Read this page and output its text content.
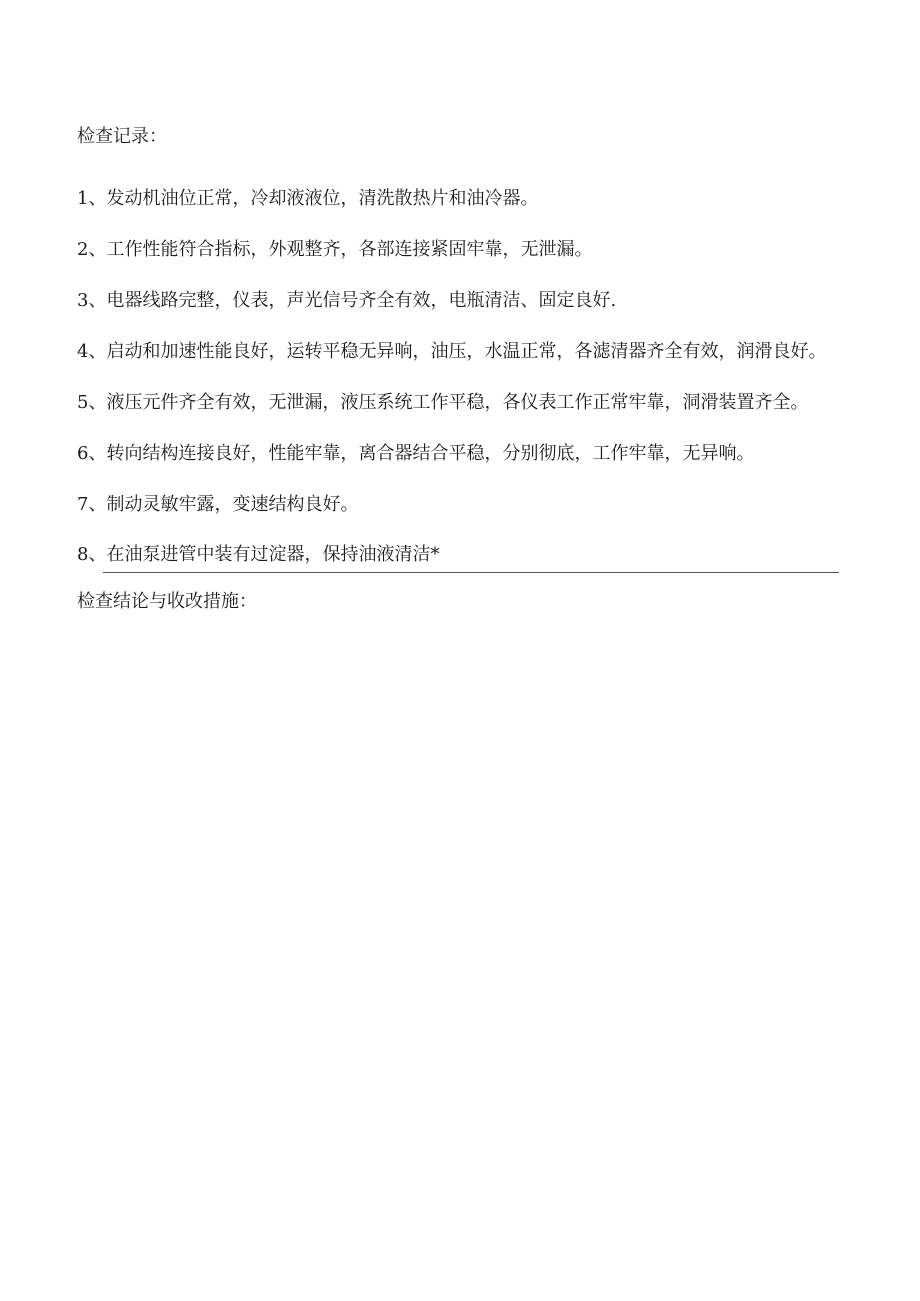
检查记录：

1、发动机油位正常，冷却液液位，清洗散热片和油冷器。
2、工作性能符合指标，外观整齐，各部连接紧固牢靠，无泄漏。
3、电器线路完整，仪表，声光信号齐全有效，电瓶清洁、固定良好.
4、启动和加速性能良好，运转平稳无异响，油压，水温正常，各滤清器齐全有效，润滑良好。
5、液压元件齐全有效，无泄漏，液压系统工作平稳，各仪表工作正常牢靠，洞滑装置齐全。
6、转向结构连接良好，性能牢靠，离合器结合平稳，分别彻底，工作牢靠，无异响。
7、制动灵敏牢露，变速结构良好。
8、在油泵进管中装有过淀器，保持油液清洁*

检查结论与收改措施：
